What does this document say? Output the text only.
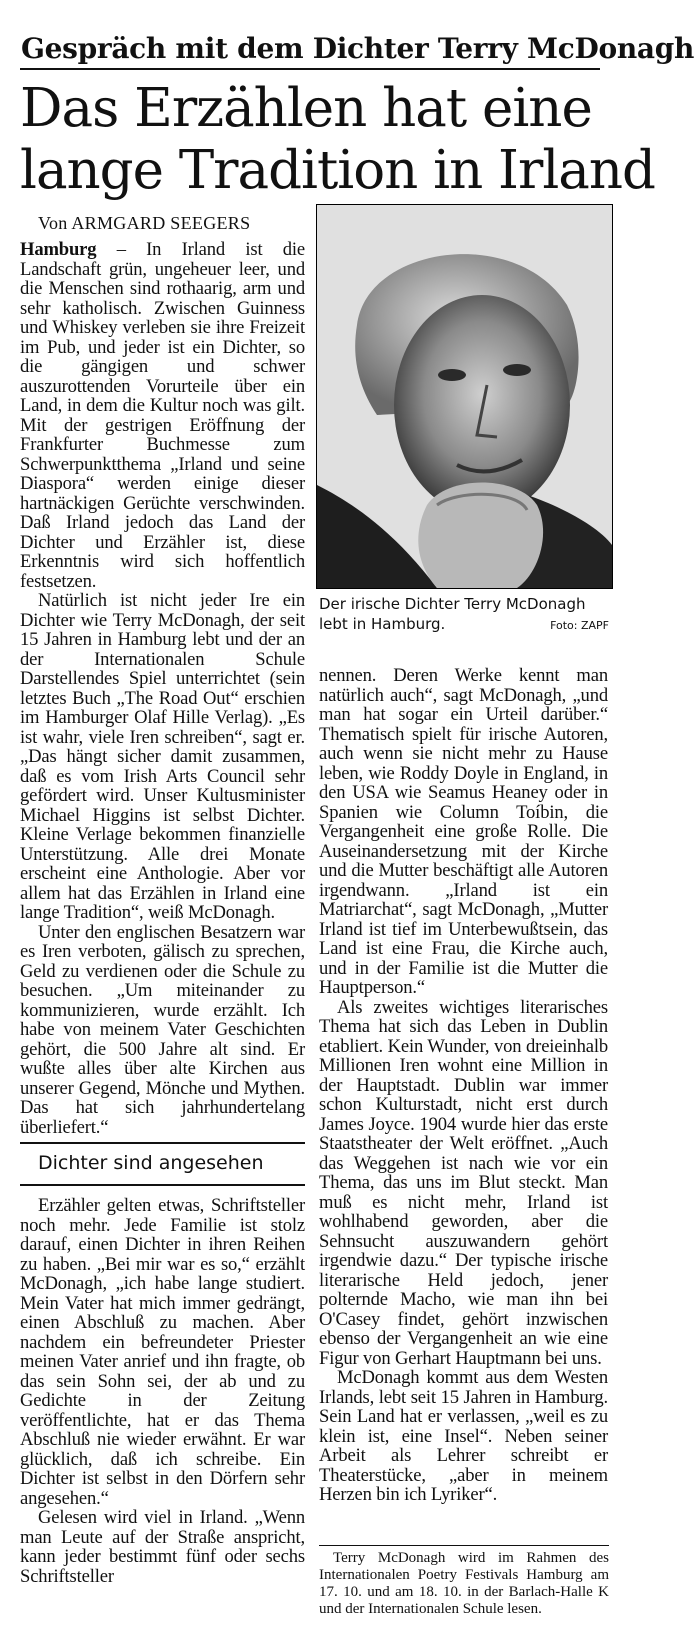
Gespräch mit dem Dichter Terry McDonagh
Das Erzählen hat eine
lange Tradition in Irland
Von ARMGARD SEEGERS

Hamburg – In Irland ist die Landschaft grün, ungeheuer leer, und die Menschen sind rothaarig, arm und sehr katholisch. Zwischen Guinness und Whiskey verleben sie ihre Freizeit im Pub, und jeder ist ein Dichter, so die gängigen und schwer auszurottenden Vorurteile über ein Land, in dem die Kultur noch was gilt. Mit der gestrigen Eröffnung der Frankfurter Buchmesse zum Schwerpunktthema „Irland und seine Diaspora“ werden einige dieser hartnäckigen Gerüchte verschwinden. Daß Irland jedoch das Land der Dichter und Erzähler ist, diese Erkenntnis wird sich hoffentlich festsetzen.

Natürlich ist nicht jeder Ire ein Dichter wie Terry McDonagh, der seit 15 Jahren in Hamburg lebt und der an der Internationalen Schule Darstellendes Spiel unterrichtet (sein letztes Buch „The Road Out“ erschien im Hamburger Olaf Hille Verlag). „Es ist wahr, viele Iren schreiben“, sagt er. „Das hängt sicher damit zusammen, daß es vom Irish Arts Council sehr gefördert wird. Unser Kultusminister Michael Higgins ist selbst Dichter. Kleine Verlage bekommen finanzielle Unterstützung. Alle drei Monate erscheint eine Anthologie. Aber vor allem hat das Erzählen in Irland eine lange Tradition“, weiß McDonagh.

Unter den englischen Besatzern war es Iren verboten, gälisch zu sprechen, Geld zu verdienen oder die Schule zu besuchen. „Um miteinander zu kommunizieren, wurde erzählt. Ich habe von meinem Vater Geschichten gehört, die 500 Jahre alt sind. Er wußte alles über alte Kirchen aus unserer Gegend, Mönche und Mythen. Das hat sich jahrhundertelang überliefert.“

Dichter sind angesehen

Erzähler gelten etwas, Schriftsteller noch mehr. Jede Familie ist stolz darauf, einen Dichter in ihren Reihen zu haben. „Bei mir war es so,“ erzählt McDonagh, „ich habe lange studiert. Mein Vater hat mich immer gedrängt, einen Abschluß zu machen. Aber nachdem ein befreundeter Priester meinen Vater anrief und ihn fragte, ob das sein Sohn sei, der ab und zu Gedichte in der Zeitung veröffentlichte, hat er das Thema Abschluß nie wieder erwähnt. Er war glücklich, daß ich schreibe. Ein Dichter ist selbst in den Dörfern sehr angesehen.“

Gelesen wird viel in Irland. „Wenn man Leute auf der Straße anspricht, kann jeder bestimmt fünf oder sechs Schriftsteller

Der irische Dichter Terry McDonagh lebt in Hamburg.	Foto: ZAPF

nennen. Deren Werke kennt man natürlich auch“, sagt McDonagh, „und man hat sogar ein Urteil darüber.“ Thematisch spielt für irische Autoren, auch wenn sie nicht mehr zu Hause leben, wie Roddy Doyle in England, in den USA wie Seamus Heaney oder in Spanien wie Column Toíbin, die Vergangenheit eine große Rolle. Die Auseinandersetzung mit der Kirche und die Mutter beschäftigt alle Autoren irgendwann. „Irland ist ein Matriarchat“, sagt McDonagh, „Mutter Irland ist tief im Unterbewußtsein, das Land ist eine Frau, die Kirche auch, und in der Familie ist die Mutter die Hauptperson.“

Als zweites wichtiges literarisches Thema hat sich das Leben in Dublin etabliert. Kein Wunder, von dreieinhalb Millionen Iren wohnt eine Million in der Hauptstadt. Dublin war immer schon Kulturstadt, nicht erst durch James Joyce. 1904 wurde hier das erste Staatstheater der Welt eröffnet. „Auch das Weggehen ist nach wie vor ein Thema, das uns im Blut steckt. Man muß es nicht mehr, Irland ist wohlhabend geworden, aber die Sehnsucht auszuwandern gehört irgendwie dazu.“ Der typische irische literarische Held jedoch, jener polternde Macho, wie man ihn bei O'Casey findet, gehört inzwischen ebenso der Vergangenheit an wie eine Figur von Gerhart Hauptmann bei uns.

McDonagh kommt aus dem Westen Irlands, lebt seit 15 Jahren in Hamburg. Sein Land hat er verlassen, „weil es zu klein ist, eine Insel“. Neben seiner Arbeit als Lehrer schreibt er Theaterstücke, „aber in meinem Herzen bin ich Lyriker“.

Terry McDonagh wird im Rahmen des Internationalen Poetry Festivals Hamburg am 17. 10. und am 18. 10. in der Barlach-Halle K und der Internationalen Schule lesen.
